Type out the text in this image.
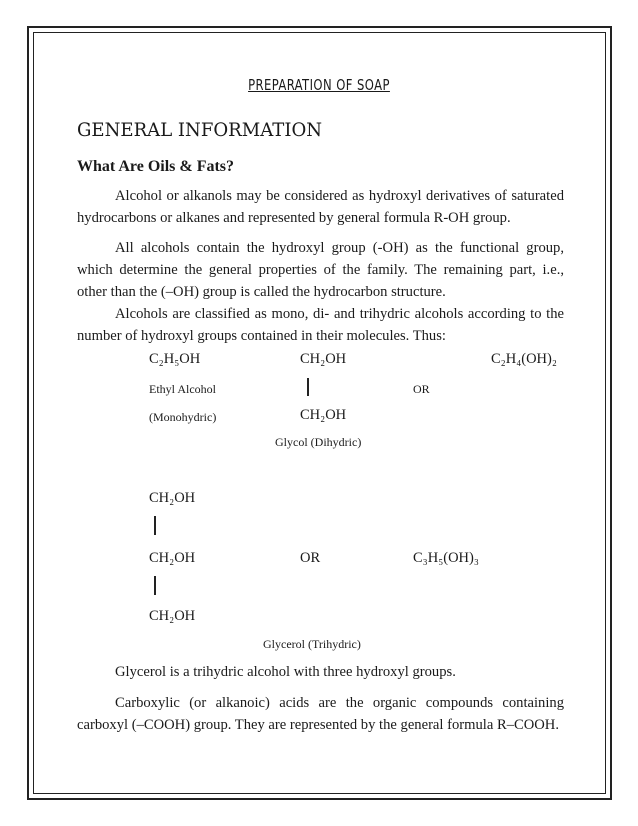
PREPARATION OF SOAP
GENERAL INFORMATION
What Are Oils & Fats?
Alcohol or alkanols may be considered as hydroxyl derivatives of saturated hydrocarbons or alkanes and represented by general formula R-OH group.
All alcohols contain the hydroxyl group (-OH) as the functional group, which determine the general properties of the family. The remaining part, i.e., other than the (–OH) group is called the hydrocarbon structure.
Alcohols are classified as mono, di- and trihydric alcohols according to the number of hydroxyl groups contained in their molecules. Thus:
C₂H₅OH	CH₂OH	C₂H₄(OH)₂
Ethyl Alcohol	OR
(Monohydric)	CH₂OH
Glycol (Dihydric)
CH₂OH
CH₂OH	OR	C₃H₅(OH)₃
CH₂OH
Glycerol (Trihydric)
Glycerol is a trihydric alcohol with three hydroxyl groups.
Carboxylic (or alkanoic) acids are the organic compounds containing carboxyl (–COOH) group. They are represented by the general formula R–COOH.
